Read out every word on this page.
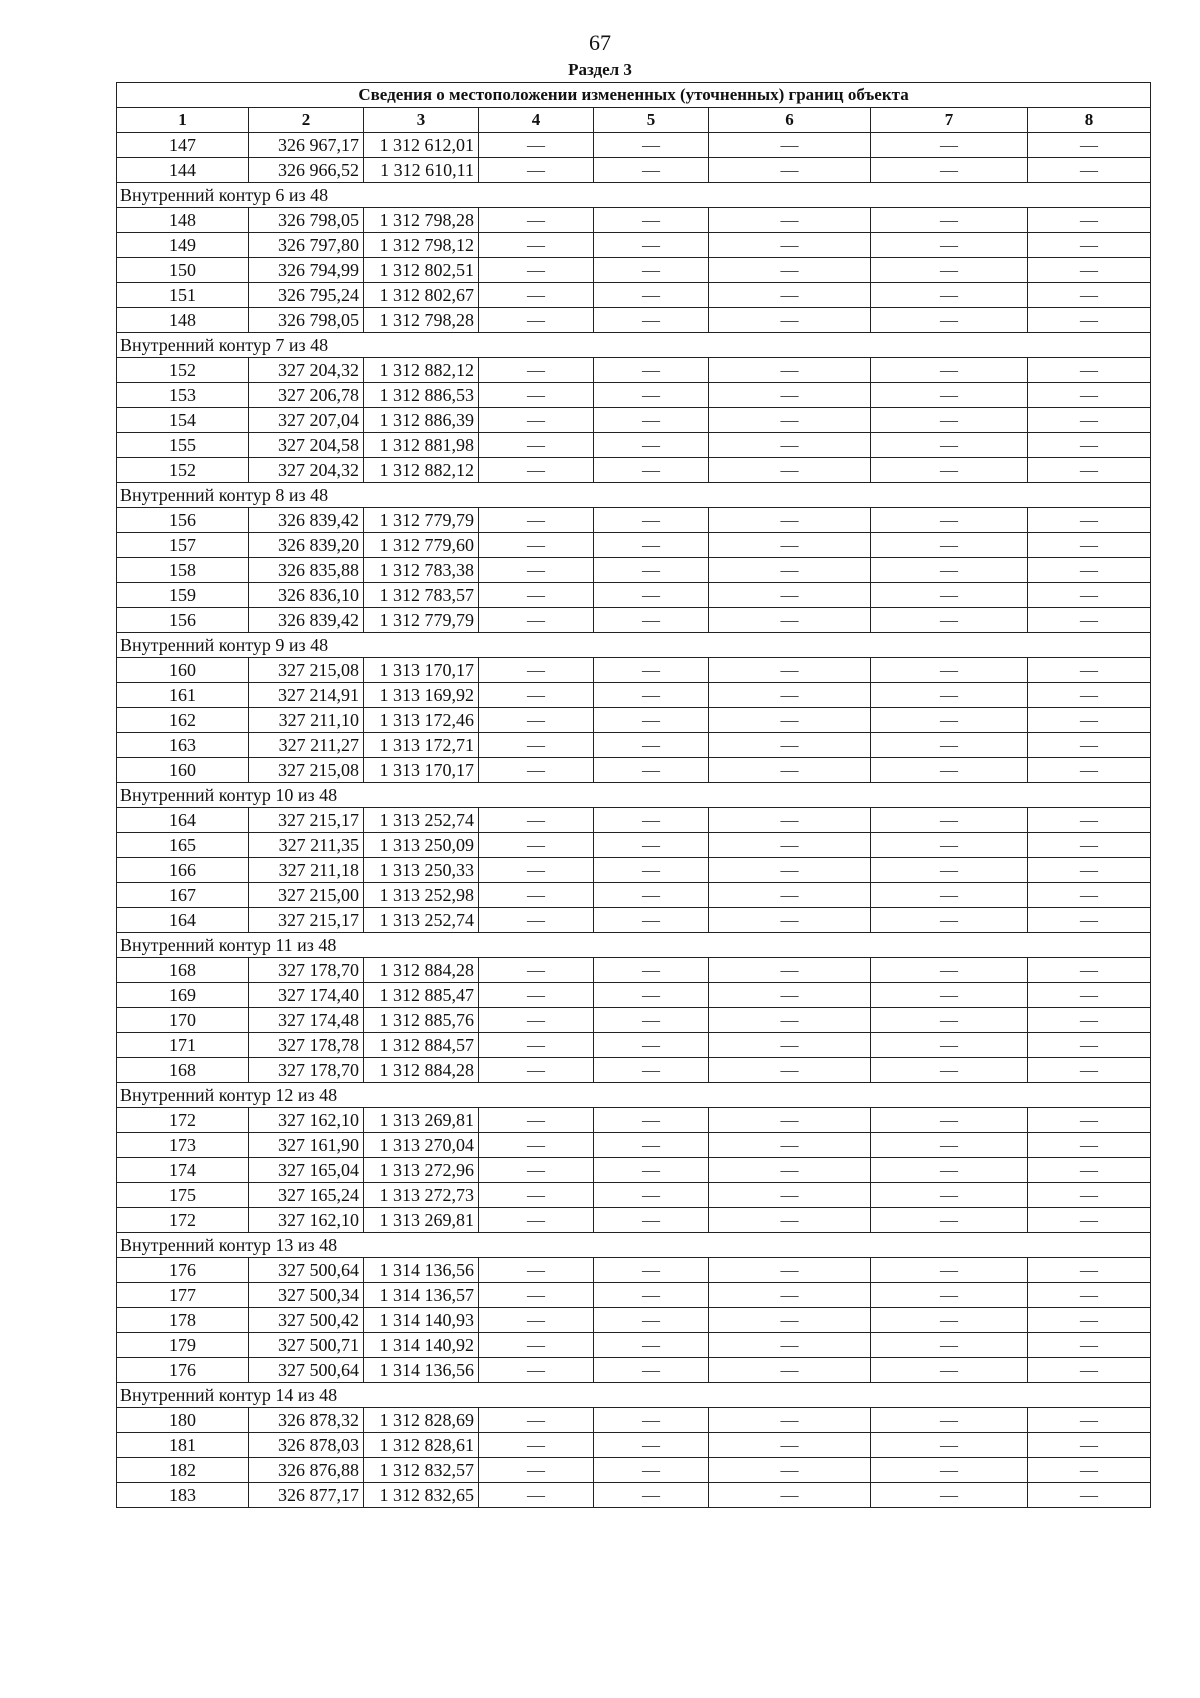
67
Раздел 3
Сведения о местоположении измененных (уточненных) границ объекта							
1	2	3	4	5	6	7	8
147	326 967,17	1 312 612,01	—	—	—	—	—
144	326 966,52	1 312 610,11	—	—	—	—	—
Внутренний контур 6 из 48							
148	326 798,05	1 312 798,28	—	—	—	—	—
149	326 797,80	1 312 798,12	—	—	—	—	—
150	326 794,99	1 312 802,51	—	—	—	—	—
151	326 795,24	1 312 802,67	—	—	—	—	—
148	326 798,05	1 312 798,28	—	—	—	—	—
Внутренний контур 7 из 48							
152	327 204,32	1 312 882,12	—	—	—	—	—
153	327 206,78	1 312 886,53	—	—	—	—	—
154	327 207,04	1 312 886,39	—	—	—	—	—
155	327 204,58	1 312 881,98	—	—	—	—	—
152	327 204,32	1 312 882,12	—	—	—	—	—
Внутренний контур 8 из 48							
156	326 839,42	1 312 779,79	—	—	—	—	—
157	326 839,20	1 312 779,60	—	—	—	—	—
158	326 835,88	1 312 783,38	—	—	—	—	—
159	326 836,10	1 312 783,57	—	—	—	—	—
156	326 839,42	1 312 779,79	—	—	—	—	—
Внутренний контур 9 из 48							
160	327 215,08	1 313 170,17	—	—	—	—	—
161	327 214,91	1 313 169,92	—	—	—	—	—
162	327 211,10	1 313 172,46	—	—	—	—	—
163	327 211,27	1 313 172,71	—	—	—	—	—
160	327 215,08	1 313 170,17	—	—	—	—	—
Внутренний контур 10 из 48							
164	327 215,17	1 313 252,74	—	—	—	—	—
165	327 211,35	1 313 250,09	—	—	—	—	—
166	327 211,18	1 313 250,33	—	—	—	—	—
167	327 215,00	1 313 252,98	—	—	—	—	—
164	327 215,17	1 313 252,74	—	—	—	—	—
Внутренний контур 11 из 48							
168	327 178,70	1 312 884,28	—	—	—	—	—
169	327 174,40	1 312 885,47	—	—	—	—	—
170	327 174,48	1 312 885,76	—	—	—	—	—
171	327 178,78	1 312 884,57	—	—	—	—	—
168	327 178,70	1 312 884,28	—	—	—	—	—
Внутренний контур 12 из 48							
172	327 162,10	1 313 269,81	—	—	—	—	—
173	327 161,90	1 313 270,04	—	—	—	—	—
174	327 165,04	1 313 272,96	—	—	—	—	—
175	327 165,24	1 313 272,73	—	—	—	—	—
172	327 162,10	1 313 269,81	—	—	—	—	—
Внутренний контур 13 из 48							
176	327 500,64	1 314 136,56	—	—	—	—	—
177	327 500,34	1 314 136,57	—	—	—	—	—
178	327 500,42	1 314 140,93	—	—	—	—	—
179	327 500,71	1 314 140,92	—	—	—	—	—
176	327 500,64	1 314 136,56	—	—	—	—	—
Внутренний контур 14 из 48							
180	326 878,32	1 312 828,69	—	—	—	—	—
181	326 878,03	1 312 828,61	—	—	—	—	—
182	326 876,88	1 312 832,57	—	—	—	—	—
183	326 877,17	1 312 832,65	—	—	—	—	—
